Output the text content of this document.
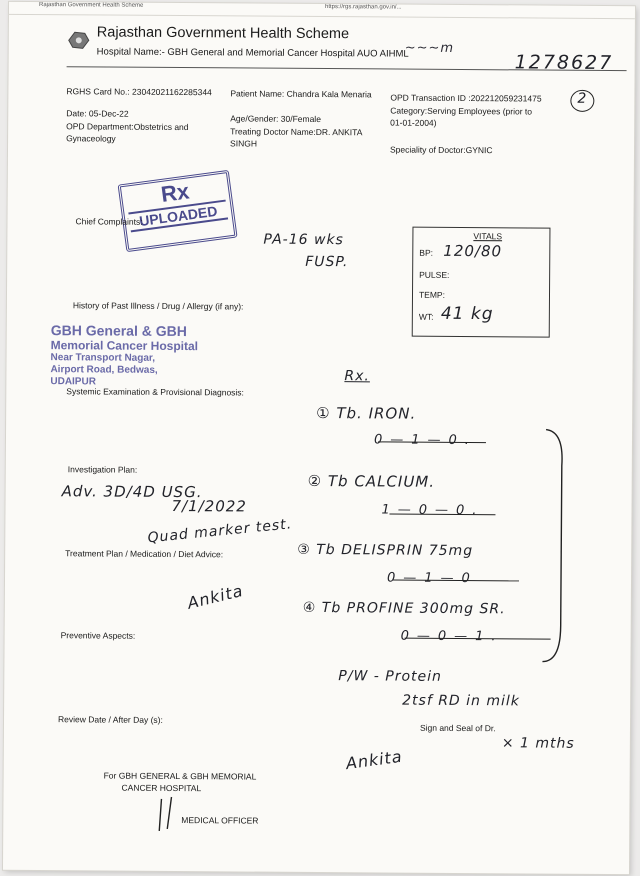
Rajasthan Government Health Scheme	https://rgs.rajasthan.gov.in/...
Rajasthan Government Health Scheme
Hospital Name:- GBH General and Memorial Cancer Hospital AUO AIHML
~~~m
1278627
2
RGHS Card No.: 23042021162285344 Patient Name: Chandra Kala Menaria OPD Transaction ID :202212059231475
Date: 05-Dec-22
OPD Department:Obstetrics and
Gynaceology
Category:Serving Employees (prior to
01-01-2004)
Age/Gender: 30/Female
Treating Doctor Name:DR. ANKITA
SINGH
Speciality of Doctor:GYNIC
Rx
UPLOADED
Chief Complaints:
History of Past Illness / Drug / Allergy (if any):
Systemic Examination & Provisional Diagnosis:
Investigation Plan:
Treatment Plan / Medication / Diet Advice:
Preventive Aspects:
Review Date / After Day (s):
Sign and Seal of Dr.
PA-16 wks
FUSP.
VITALS
BP: 120/80
PULSE:
TEMP:
WT: 41 kg
GBH General & GBH
Memorial Cancer Hospital
Near Transport Nagar,
Airport Road, Bedwas,
UDAIPUR	Rx.
① Tb. IRON.
0—1—0.
② Tb CALCIUM.
1—0—0.
③ Tb DELISPRIN 75mg
0—1—0
④ Tb PROFINE 300mg SR.
0—0—1.
Adv. 3D/4D USG.
7/1/2022
Quad marker test.
Ankita
P/W - Protein
2tsf RD in milk
× 1 mths
Ankita
For GBH GENERAL & GBH MEMORIAL
CANCER HOSPITAL
MEDICAL OFFICER
